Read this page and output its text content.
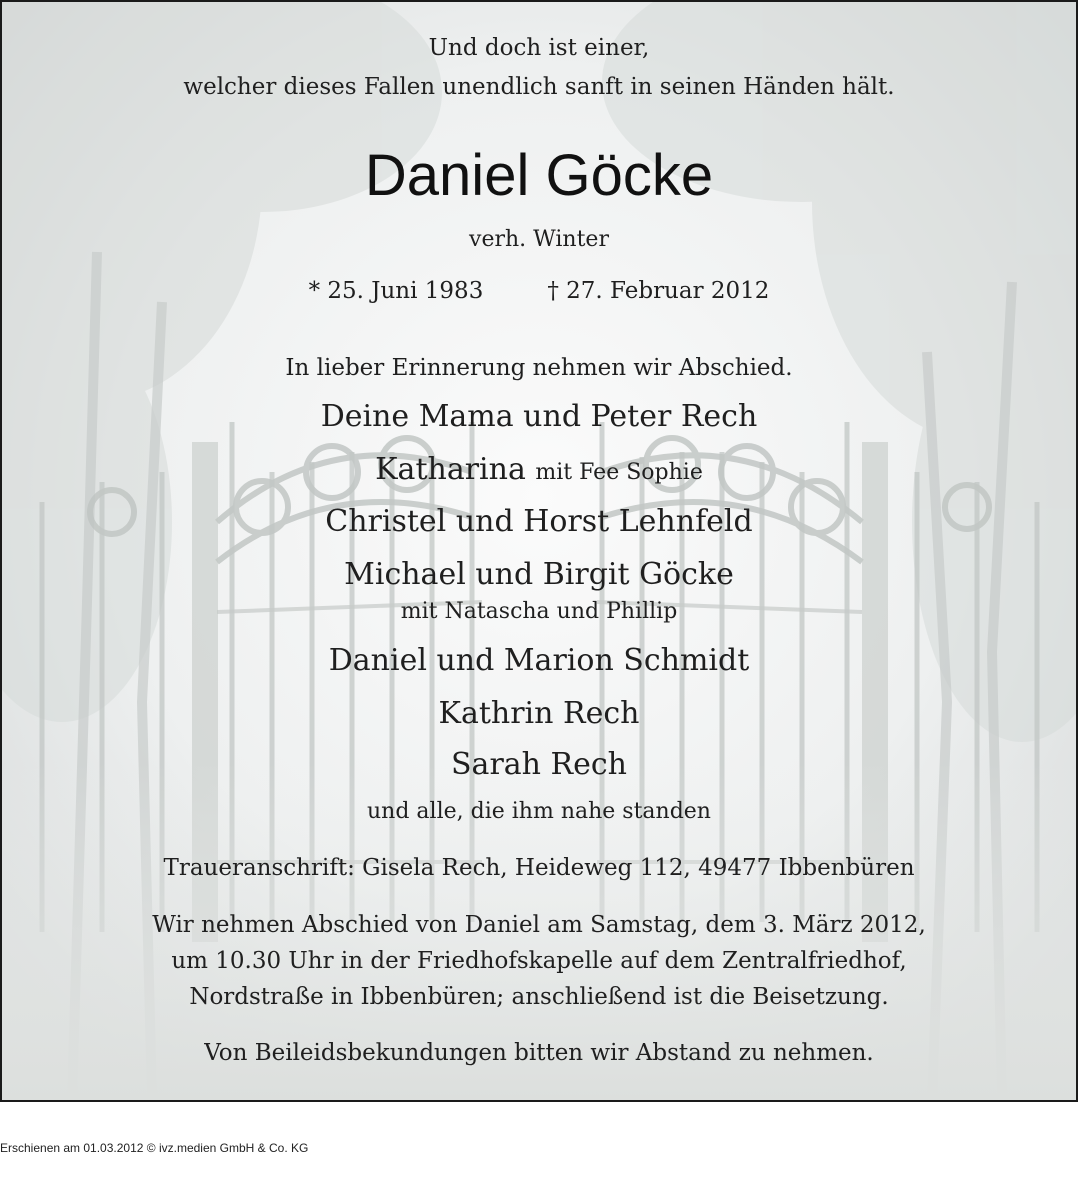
Und doch ist einer,
welcher dieses Fallen unendlich sanft in seinen Händen hält.
Daniel Göcke
verh. Winter
* 25. Juni 1983	† 27. Februar 2012
In lieber Erinnerung nehmen wir Abschied.
Deine Mama und Peter Rech
Katharina mit Fee Sophie
Christel und Horst Lehnfeld
Michael und Birgit Göcke
mit Natascha und Phillip
Daniel und Marion Schmidt
Kathrin Rech
Sarah Rech
und alle, die ihm nahe standen
Traueranschrift: Gisela Rech, Heideweg 112, 49477 Ibbenbüren
Wir nehmen Abschied von Daniel am Samstag, dem 3. März 2012,
um 10.30 Uhr in der Friedhofskapelle auf dem Zentralfriedhof,
Nordstraße in Ibbenbüren; anschließend ist die Beisetzung.
Von Beileidsbekundungen bitten wir Abstand zu nehmen.
Erschienen am 01.03.2012 © ivz.medien GmbH & Co. KG
